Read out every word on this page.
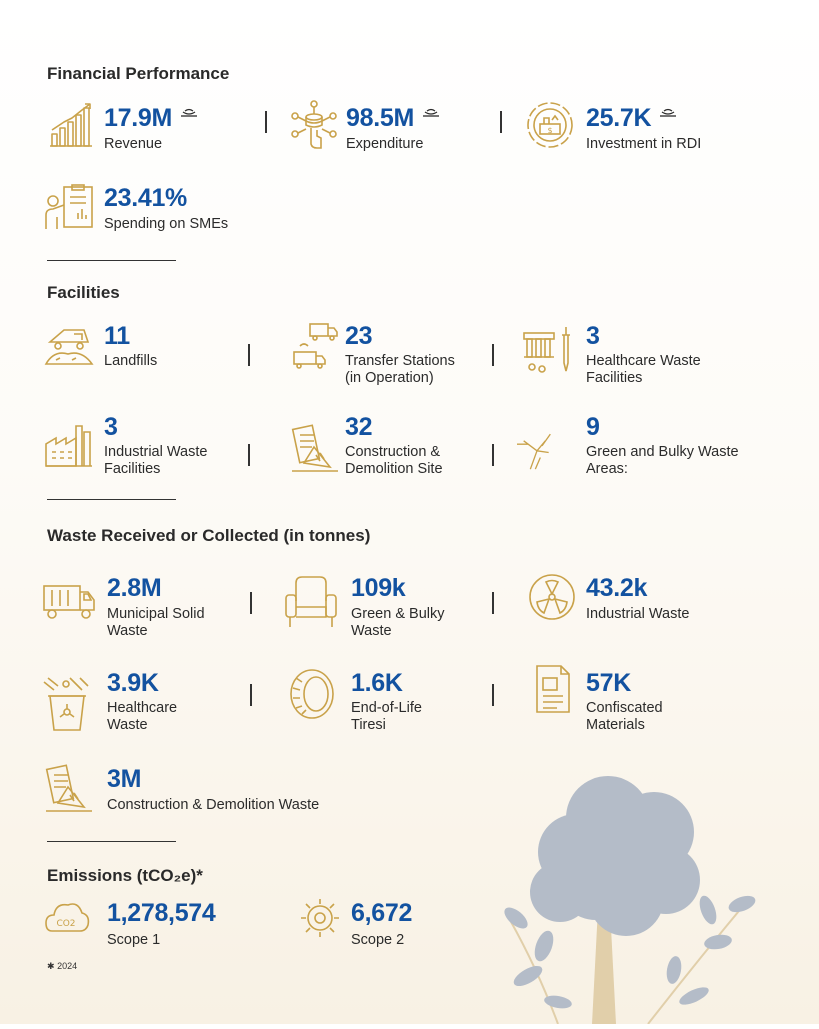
Financial Performance
Facilities
Waste Received or Collected (in tonnes)
Emissions (tCO₂e)*
17.9M
Revenue
98.5M
Expenditure
$ 25.7K
Investment in RDI
23.41%
Spending on SMEs
11
Landfills
23
Transfer Stations
(in Operation)
3
Healthcare Waste
Facilities
3
Industrial Waste
Facilities
32
Construction &
Demolition Site
9
Green and Bulky Waste
Areas:
2.8M
Municipal Solid
Waste
109k
Green & Bulky
Waste
43.2k
Industrial Waste
3.9K
Healthcare
Waste
1.6K
End-of-Life
Tiresi
57K
Confiscated
Materials
3M
Construction & Demolition Waste
CO2 1,278,574
Scope 1
6,672
Scope 2
✱ 2024
